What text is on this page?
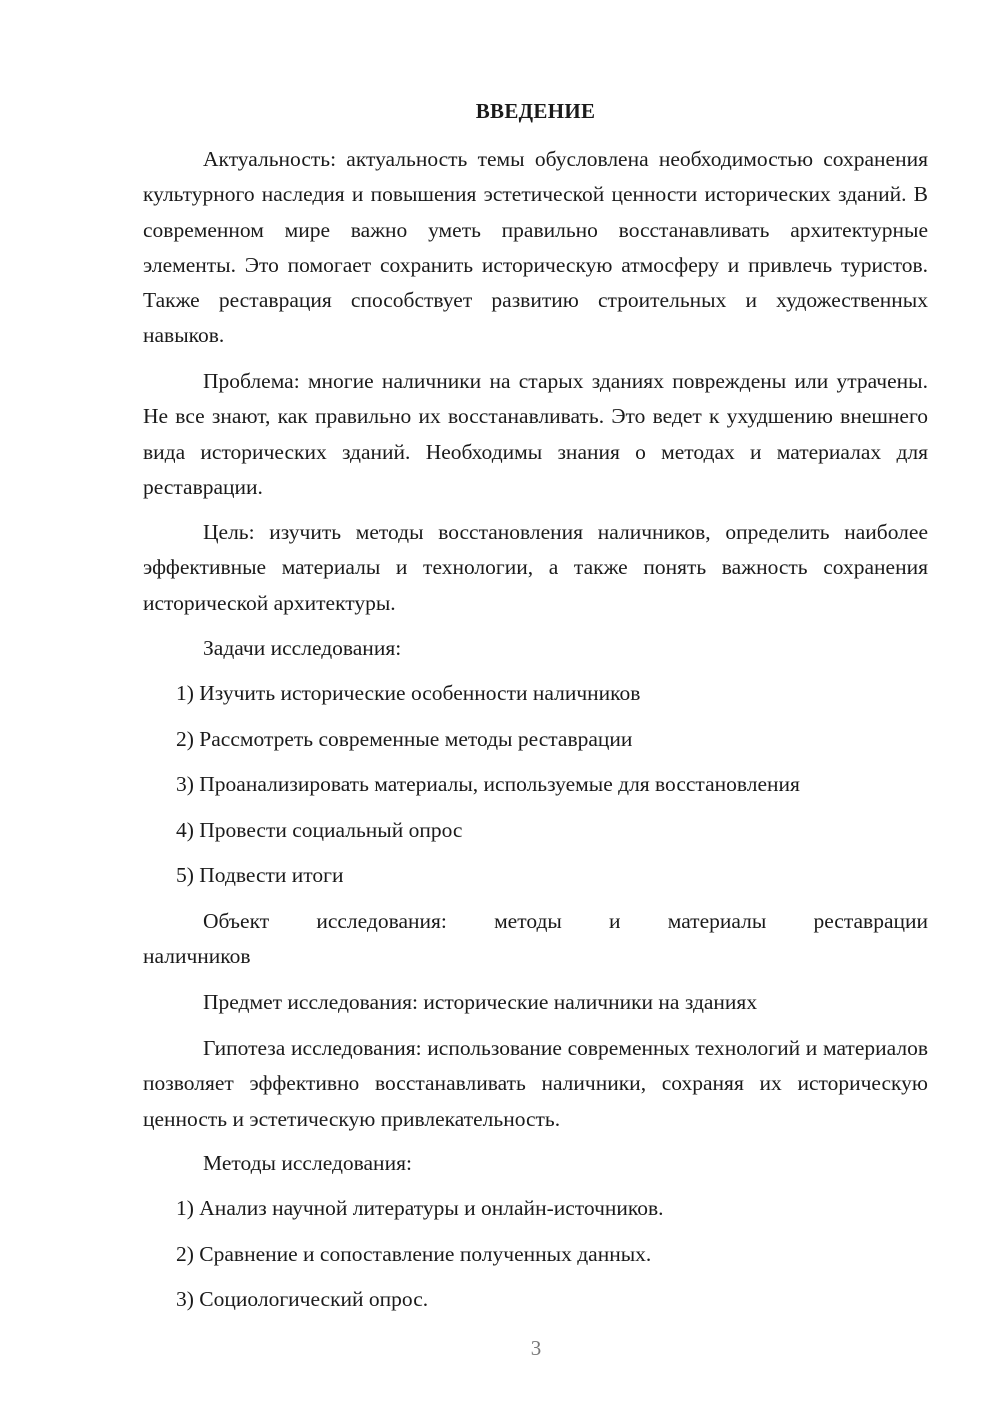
ВВЕДЕНИЕ

Актуальность: актуальность темы обусловлена необходимостью сохранения культурного наследия и повышения эстетической ценности исторических зданий. В современном мире важно уметь правильно восстанавливать архитектурные элементы. Это помогает сохранить историческую атмосферу и привлечь туристов. Также реставрация способствует развитию строительных и художественных навыков.

Проблема: многие наличники на старых зданиях повреждены или утрачены. Не все знают, как правильно их восстанавливать. Это ведет к ухудшению внешнего вида исторических зданий. Необходимы знания о методах и материалах для реставрации.

Цель: изучить методы восстановления наличников, определить наиболее эффективные материалы и технологии, а также понять важность сохранения исторической архитектуры.

Задачи исследования:

1) Изучить исторические особенности наличников

2) Рассмотреть современные методы реставрации

3) Проанализировать материалы, используемые для восстановления

4) Провести социальный опрос

5) Подвести итоги

Объект исследования: методы и материалы реставрации

наличников

Предмет исследования: исторические наличники на зданиях

Гипотеза исследования: использование современных технологий и материалов позволяет эффективно восстанавливать наличники, сохраняя их историческую ценность и эстетическую привлекательность.

Методы исследования:

1) Анализ научной литературы и онлайн-источников.

2) Сравнение и сопоставление полученных данных.

3) Социологический опрос.

3
